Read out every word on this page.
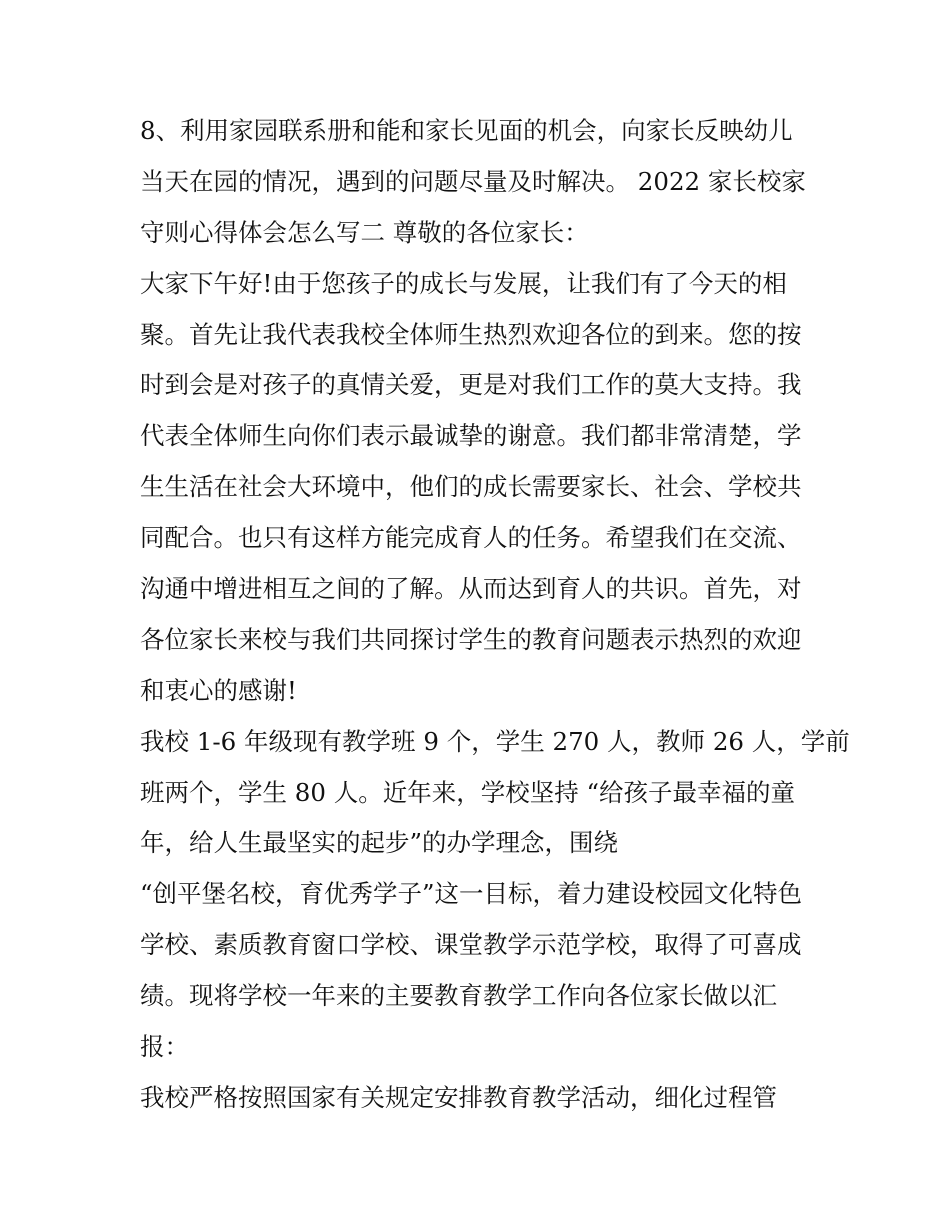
8、利用家园联系册和能和家长见面的机会，向家长反映幼儿
当天在园的情况，遇到的问题尽量及时解决。 2022 家长校家
守则心得体会怎么写二 尊敬的各位家长：
大家下午好!由于您孩子的成长与发展，让我们有了今天的相
聚。首先让我代表我校全体师生热烈欢迎各位的到来。您的按
时到会是对孩子的真情关爱，更是对我们工作的莫大支持。我
代表全体师生向你们表示最诚挚的谢意。我们都非常清楚，学
生生活在社会大环境中，他们的成长需要家长、社会、学校共
同配合。也只有这样方能完成育人的任务。希望我们在交流、
沟通中增进相互之间的了解。从而达到育人的共识。首先，对
各位家长来校与我们共同探讨学生的教育问题表示热烈的欢迎
和衷心的感谢!
我校 1-6 年级现有教学班 9 个，学生 270 人，教师 26 人，学前
班两个，学生 80 人。近年来，学校坚持 “给孩子最幸福的童
年，给人生最坚实的起步”的办学理念，围绕
“创平堡名校，育优秀学子”这一目标，着力建设校园文化特色
学校、素质教育窗口学校、课堂教学示范学校，取得了可喜成
绩。现将学校一年来的主要教育教学工作向各位家长做以汇
报：
我校严格按照国家有关规定安排教育教学活动，细化过程管
